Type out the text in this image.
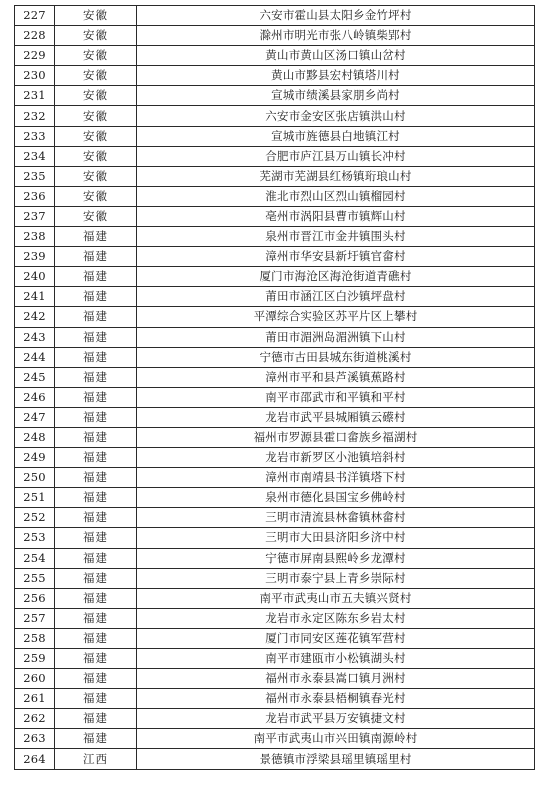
227	安徽	六安市霍山县太阳乡金竹坪村
228	安徽	滁州市明光市张八岭镇柴郢村
229	安徽	黄山市黄山区汤口镇山岔村
230	安徽	黄山市黟县宏村镇塔川村
231	安徽	宣城市绩溪县家朋乡尚村
232	安徽	六安市金安区张店镇洪山村
233	安徽	宣城市旌德县白地镇江村
234	安徽	合肥市庐江县万山镇长冲村
235	安徽	芜湖市芜湖县红杨镇珩琅山村
236	安徽	淮北市烈山区烈山镇榴园村
237	安徽	亳州市涡阳县曹市镇辉山村
238	福建	泉州市晋江市金井镇围头村
239	福建	漳州市华安县新圩镇官畲村
240	福建	厦门市海沧区海沧街道青礁村
241	福建	莆田市涵江区白沙镇坪盘村
242	福建	平潭综合实验区苏平片区上攀村
243	福建	莆田市湄洲岛湄洲镇下山村
244	福建	宁德市古田县城东街道桃溪村
245	福建	漳州市平和县芦溪镇蕉路村
246	福建	南平市邵武市和平镇和平村
247	福建	龙岩市武平县城厢镇云礤村
248	福建	福州市罗源县霍口畲族乡福湖村
249	福建	龙岩市新罗区小池镇培斜村
250	福建	漳州市南靖县书洋镇塔下村
251	福建	泉州市德化县国宝乡佛岭村
252	福建	三明市清流县林畲镇林畲村
253	福建	三明市大田县济阳乡济中村
254	福建	宁德市屏南县熙岭乡龙潭村
255	福建	三明市泰宁县上青乡崇际村
256	福建	南平市武夷山市五夫镇兴贤村
257	福建	龙岩市永定区陈东乡岩太村
258	福建	厦门市同安区莲花镇军营村
259	福建	南平市建瓯市小松镇湖头村
260	福建	福州市永泰县嵩口镇月洲村
261	福建	福州市永泰县梧桐镇春光村
262	福建	龙岩市武平县万安镇捷文村
263	福建	南平市武夷山市兴田镇南源岭村
264	江西	景德镇市浮梁县瑶里镇瑶里村
